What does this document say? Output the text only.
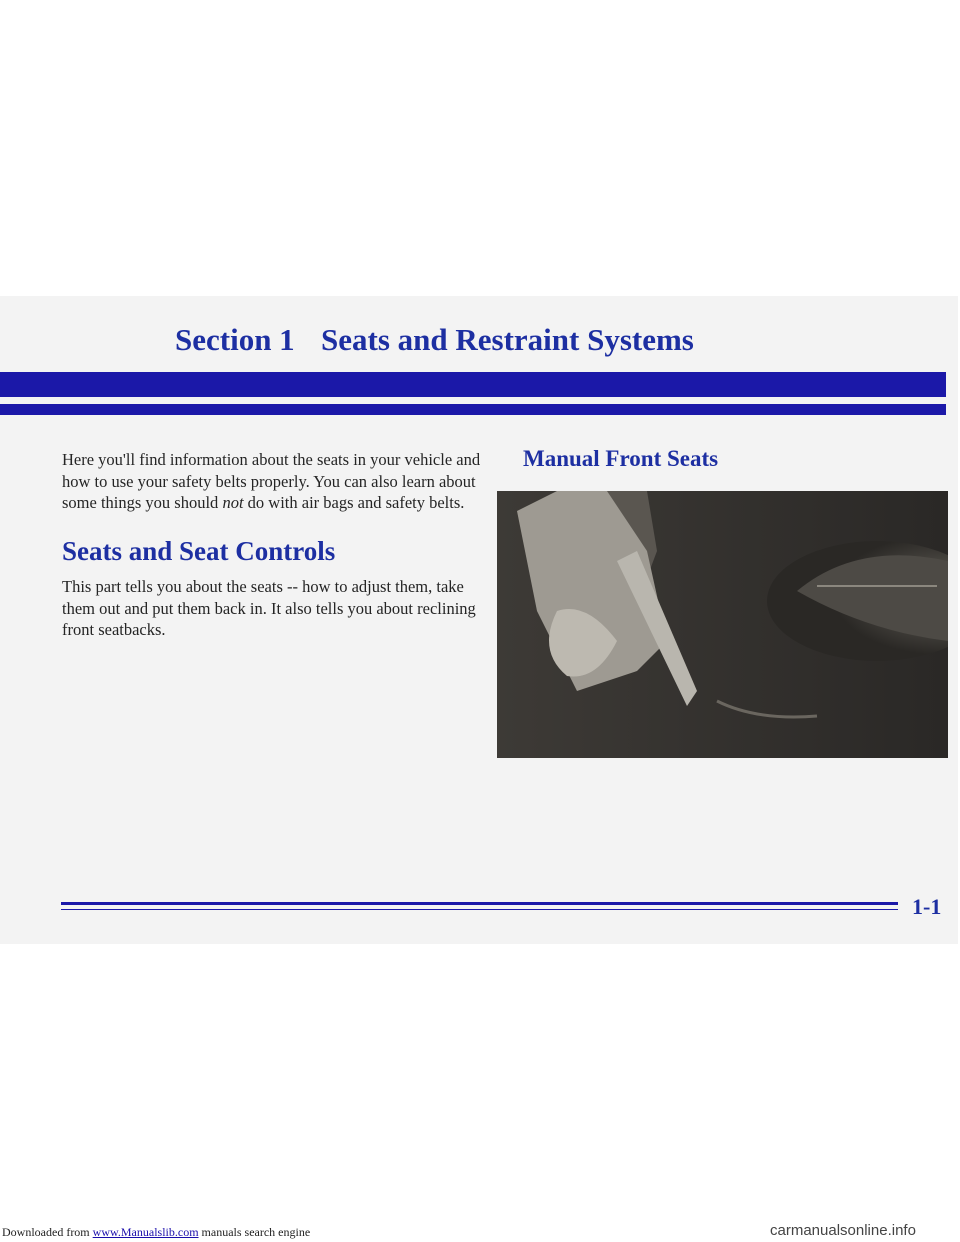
Section 1 Seats and Restraint Systems

Here you'll find information about the seats in your vehicle and how to use your safety belts properly. You can also learn about some things you should not do with air bags and safety belts.

Seats and Seat Controls

This part tells you about the seats -- how to adjust them, take them out and put them back in. It also tells you about reclining front seatbacks.

Manual Front Seats

1-1

Downloaded from www.Manualslib.com manuals search engine	carmanualsonline.info
